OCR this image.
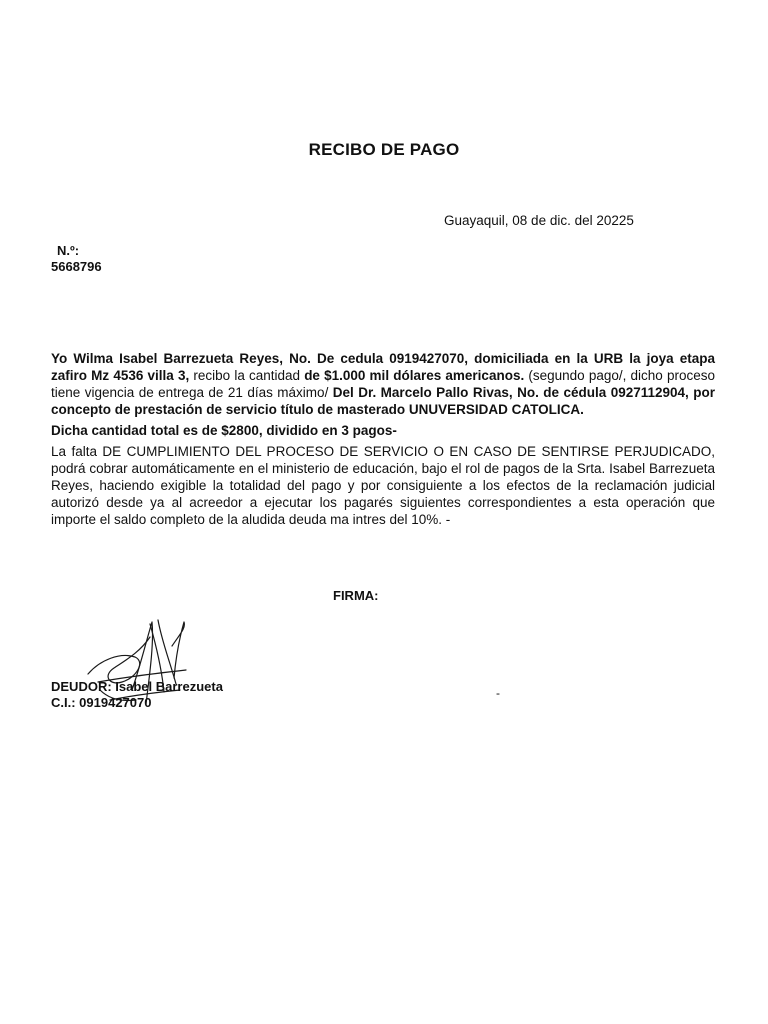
RECIBO DE PAGO
Guayaquil, 08 de dic. del 20225
N.º:
5668796

Yo Wilma Isabel Barrezueta Reyes, No. De cedula 0919427070, domiciliada en la URB la joya etapa zafiro Mz 4536 villa 3, recibo la cantidad de $1.000 mil dólares americanos. (segundo pago/, dicho proceso tiene vigencia de entrega de 21 días máximo/ Del Dr. Marcelo Pallo Rivas, No. de cédula 0927112904, por concepto de prestación de servicio título de masterado UNUVERSIDAD CATOLICA.

Dicha cantidad total es de $2800, dividido en 3 pagos-

La falta DE CUMPLIMIENTO DEL PROCESO DE SERVICIO O EN CASO DE SENTIRSE PERJUDICADO, podrá cobrar automáticamente en el ministerio de educación, bajo el rol de pagos de la Srta. Isabel Barrezueta Reyes, haciendo exigible la totalidad del pago y por consiguiente a los efectos de la reclamación judicial autorizó desde ya al acreedor a ejecutar los pagarés siguientes correspondientes a esta operación que importe el saldo completo de la aludida deuda ma intres del 10%. -

FIRMA:
DEUDOR: Isabel Barrezueta
C.I.: 0919427070
-
